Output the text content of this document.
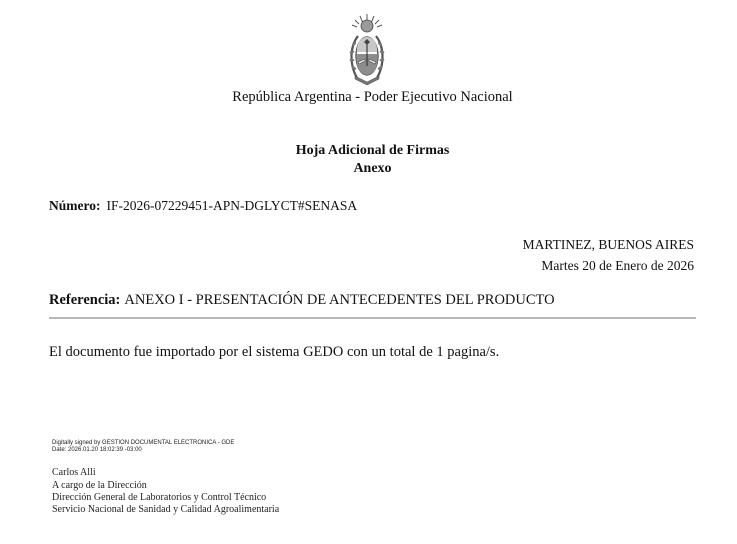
República Argentina - Poder Ejecutivo Nacional
Hoja Adicional de Firmas
Anexo
Número: IF-2026-07229451-APN-DGLYCT#SENASA
MARTINEZ, BUENOS AIRES
Martes 20 de Enero de 2026
Referencia: ANEXO I - PRESENTACIÓN DE ANTECEDENTES DEL PRODUCTO
El documento fue importado por el sistema GEDO con un total de 1 pagina/s.
Digitally signed by GESTION DOCUMENTAL ELECTRONICA - GDE
Date: 2026.01.20 18:02:39 -03:00
Carlos Alli
A cargo de la Dirección
Dirección General de Laboratorios y Control Técnico
Servicio Nacional de Sanidad y Calidad Agroalimentaria
